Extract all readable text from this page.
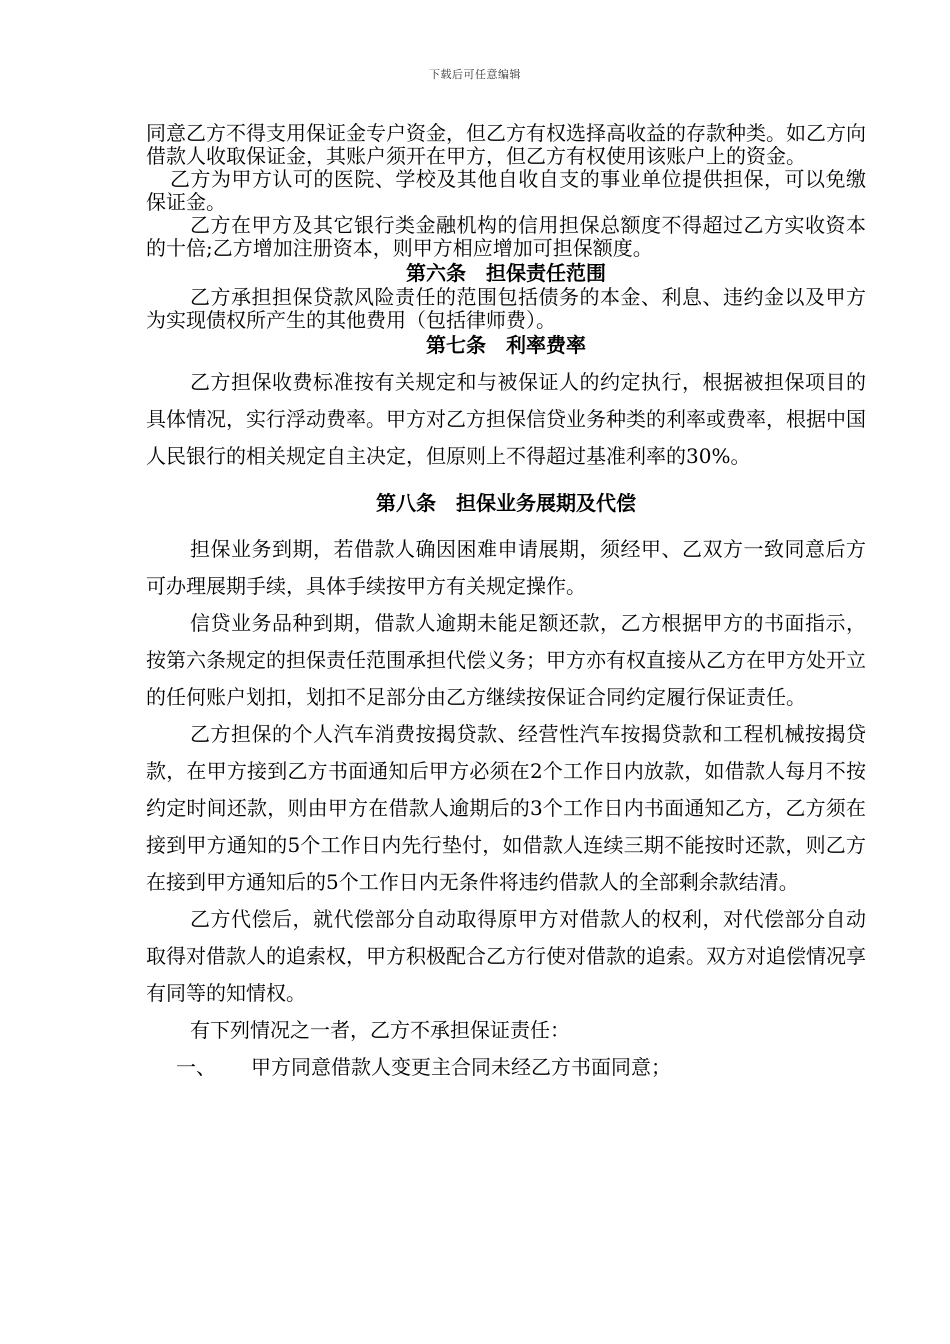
下载后可任意编辑

同意乙方不得支用保证金专户资金，但乙方有权选择高收益的存款种类。如乙方向借款人收取保证金，其账户须开在甲方，但乙方有权使用该账户上的资金。

乙方为甲方认可的医院、学校及其他自收自支的事业单位提供担保，可以免缴保证金。

乙方在甲方及其它银行类金融机构的信用担保总额度不得超过乙方实收资本的十倍;乙方增加注册资本，则甲方相应增加可担保额度。

第六条　担保责任范围

乙方承担担保贷款风险责任的范围包括债务的本金、利息、违约金以及甲方为实现债权所产生的其他费用（包括律师费）。

第七条　利率费率

乙方担保收费标准按有关规定和与被保证人的约定执行，根据被担保项目的具体情况，实行浮动费率。甲方对乙方担保信贷业务种类的利率或费率，根据中国人民银行的相关规定自主决定，但原则上不得超过基准利率的30%。

第八条　担保业务展期及代偿

担保业务到期，若借款人确因困难申请展期，须经甲、乙双方一致同意后方可办理展期手续，具体手续按甲方有关规定操作。

信贷业务品种到期，借款人逾期未能足额还款，乙方根据甲方的书面指示，按第六条规定的担保责任范围承担代偿义务；甲方亦有权直接从乙方在甲方处开立的任何账户划扣，划扣不足部分由乙方继续按保证合同约定履行保证责任。

乙方担保的个人汽车消费按揭贷款、经营性汽车按揭贷款和工程机械按揭贷款，在甲方接到乙方书面通知后甲方必须在2个工作日内放款，如借款人每月不按约定时间还款，则由甲方在借款人逾期后的3个工作日内书面通知乙方，乙方须在接到甲方通知的5个工作日内先行垫付，如借款人连续三期不能按时还款，则乙方在接到甲方通知后的5个工作日内无条件将违约借款人的全部剩余款结清。

乙方代偿后，就代偿部分自动取得原甲方对借款人的权利，对代偿部分自动取得对借款人的追索权，甲方积极配合乙方行使对借款的追索。双方对追偿情况享有同等的知情权。

有下列情况之一者，乙方不承担保证责任：

一、 甲方同意借款人变更主合同未经乙方书面同意；
